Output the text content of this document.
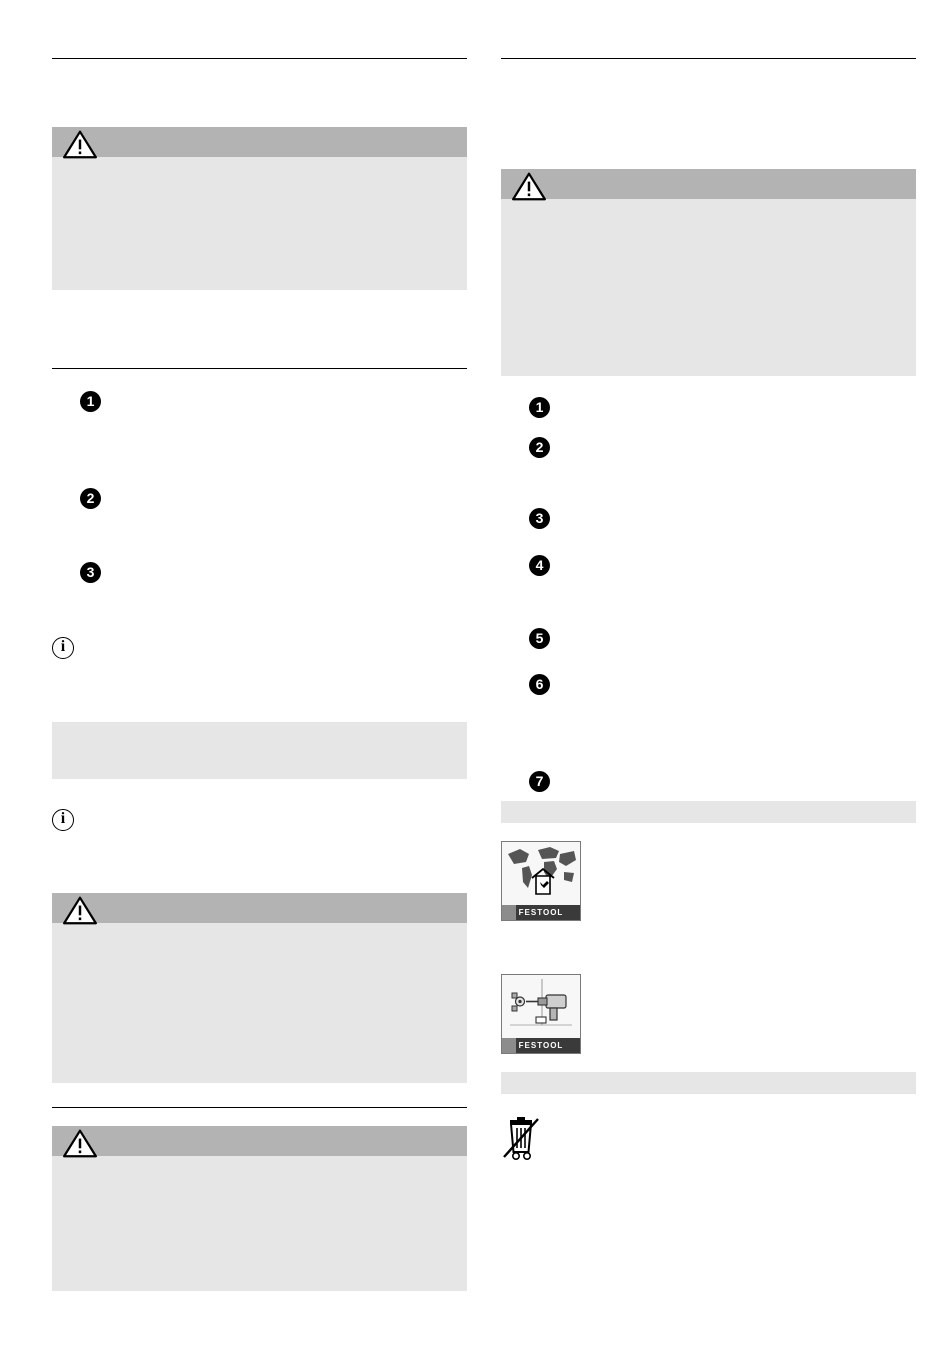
1
2
3
i
i
1
2
3
4
5
6
7
FESTOOL
FESTOOL
